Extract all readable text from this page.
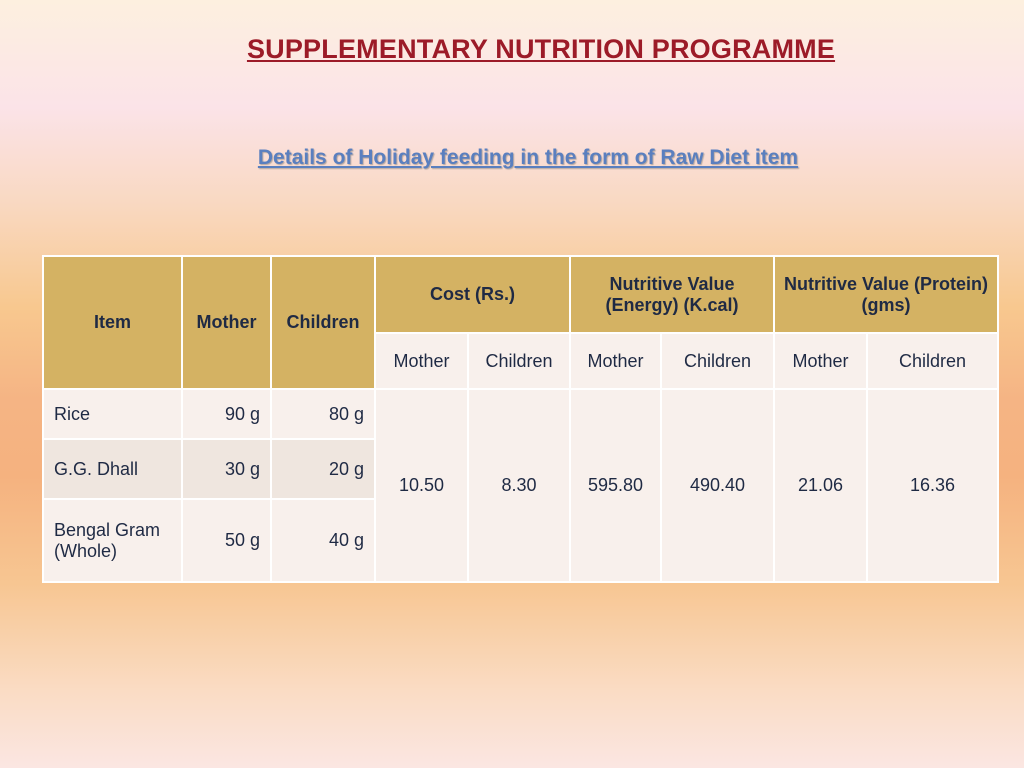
SUPPLEMENTARY NUTRITION PROGRAMME
Details of Holiday feeding in the form of Raw Diet item
Item	Mother	Children	Cost (Rs.)		Nutritive Value (Energy) (K.cal)		Nutritive Value (Protein) (gms)	
			Mother	Children	Mother	Children	Mother	Children
Rice	90 g	80 g	10.50	8.30	595.80	490.40	21.06	16.36
G.G. Dhall	30 g	20 g						
Bengal Gram (Whole)	50 g	40 g						
